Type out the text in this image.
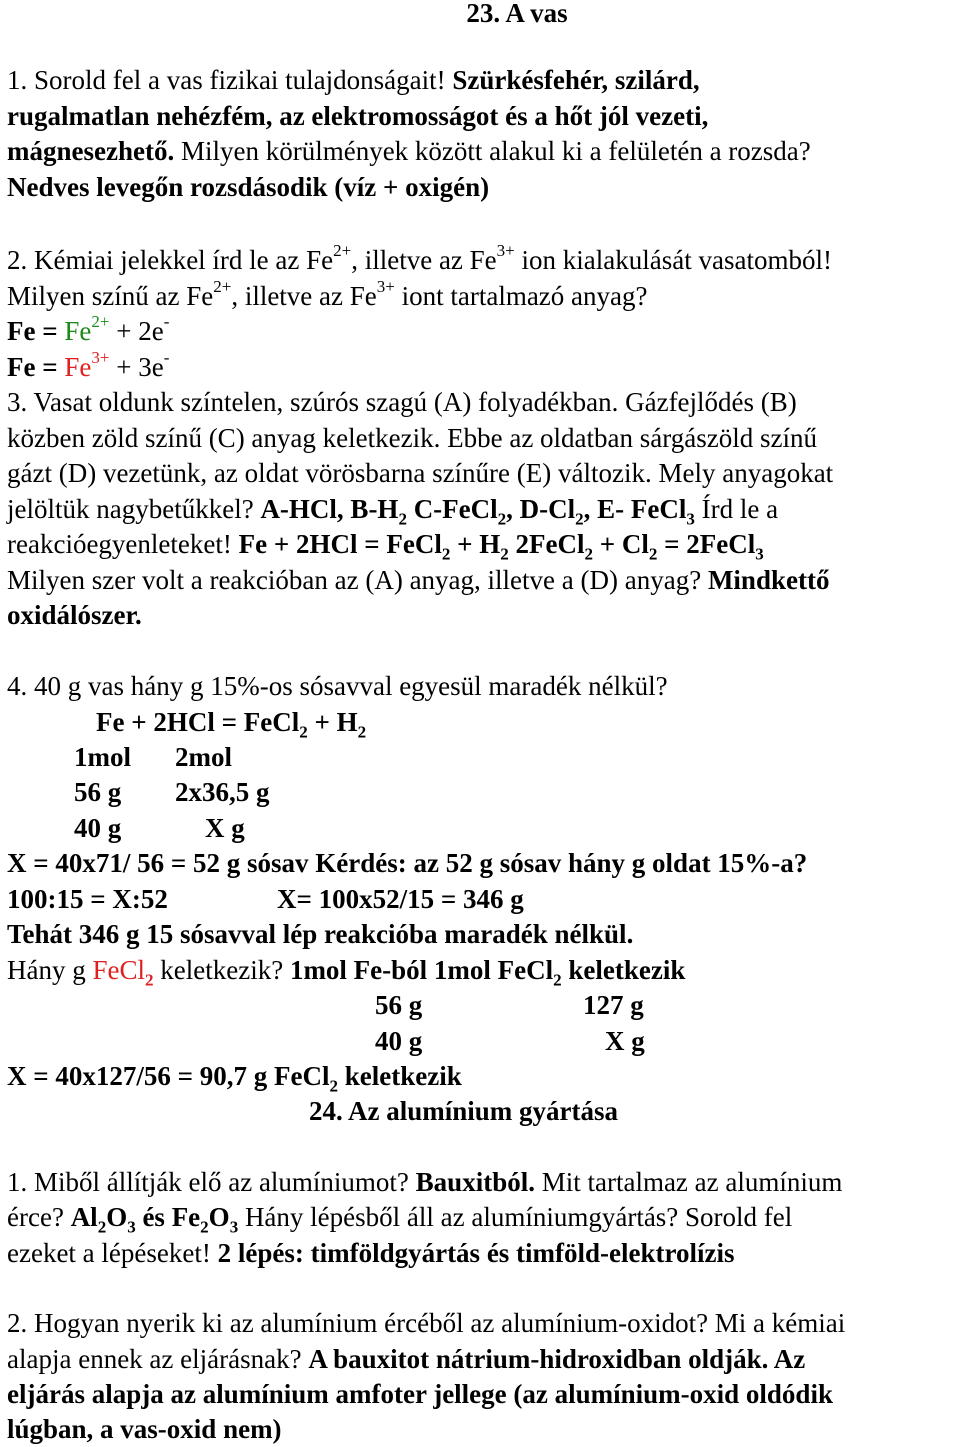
23. A vas
1. Sorold fel a vas fizikai tulajdonságait! Szürkésfehér, szilárd,
rugalmatlan nehézfém, az elektromosságot és a hőt jól vezeti,
mágnesezhető. Milyen körülmények között alakul ki a felületén a rozsda?
Nedves levegőn rozsdásodik (víz + oxigén)
2. Kémiai jelekkel írd le az $Fe^{2+}$, illetve az $Fe^{3+}$ ion kialakulását vasatomból!
Milyen színű az $Fe^{2+}$, illetve az $Fe^{3+}$ iont tartalmazó anyag?
$Fe = Fe^{2+} + 2e^-$
$Fe = Fe^{3+} + 3e^-$
3. Vasat oldunk színtelen, szúrós szagú (A) folyadékban. Gázfejlődés (B)
közben zöld színű (C) anyag keletkezik. Ebbe az oldatban sárgászöld színű
gázt (D) vezetünk, az oldat vörösbarna színűre (E) változik. Mely anyagokat
jelöltük nagybetűkkel? A-HCl, $B-H_2$ C-FeCl$_2$, $D-Cl_2$, E- FeCl$_3$ Írd le a
reakcióegyenleteket! Fe + 2HCl = FeCl$_2$ + $H_2$ 2FeCl$_2$ + $Cl_2$ = 2FeCl$_3$
Milyen szer volt a reakcióban az (A) anyag, illetve a (D) anyag? Mindkettő
oxidálószer.
4. 40 g vas hány g 15%-os sósavval egyesül maradék nélkül?
Fe + 2HCl = FeCl$_2$ + $H_2$
1mol 2mol
56 g 2x36,5 g
40 g	X g
X = 40x71/ 56 = 52 g sósav Kérdés: az 52 g sósav hány g oldat 15%-a?
100:15 = X:52	X= 100x52/15 = 346 g
Tehát 346 g 15 sósavval lép reakcióba maradék nélkül.
Hány g FeCl$_2$ keletkezik? 1mol Fe-ból 1mol FeCl$_2$ keletkezik
56 g	127 g
40 g	X g
X = 40x127/56 = 90,7 g FeCl$_2$ keletkezik
24. Az alumínium gyártása
1. Miből állítják elő az alumíniumot? Bauxitból. Mit tartalmaz az alumínium
érce? $Al_2O_3$ és $Fe_2O_3$ Hány lépésből áll az alumíniumgyártás? Sorold fel
ezeket a lépéseket! 2 lépés: timföldgyártás és timföld-elektrolízis
2. Hogyan nyerik ki az alumínium ércéből az alumínium-oxidot? Mi a kémiai
alapja ennek az eljárásnak? A bauxitot nátrium-hidroxidban oldják. Az
eljárás alapja az alumínium amfoter jellege (az alumínium-oxid oldódik
lúgban, a vas-oxid nem)
